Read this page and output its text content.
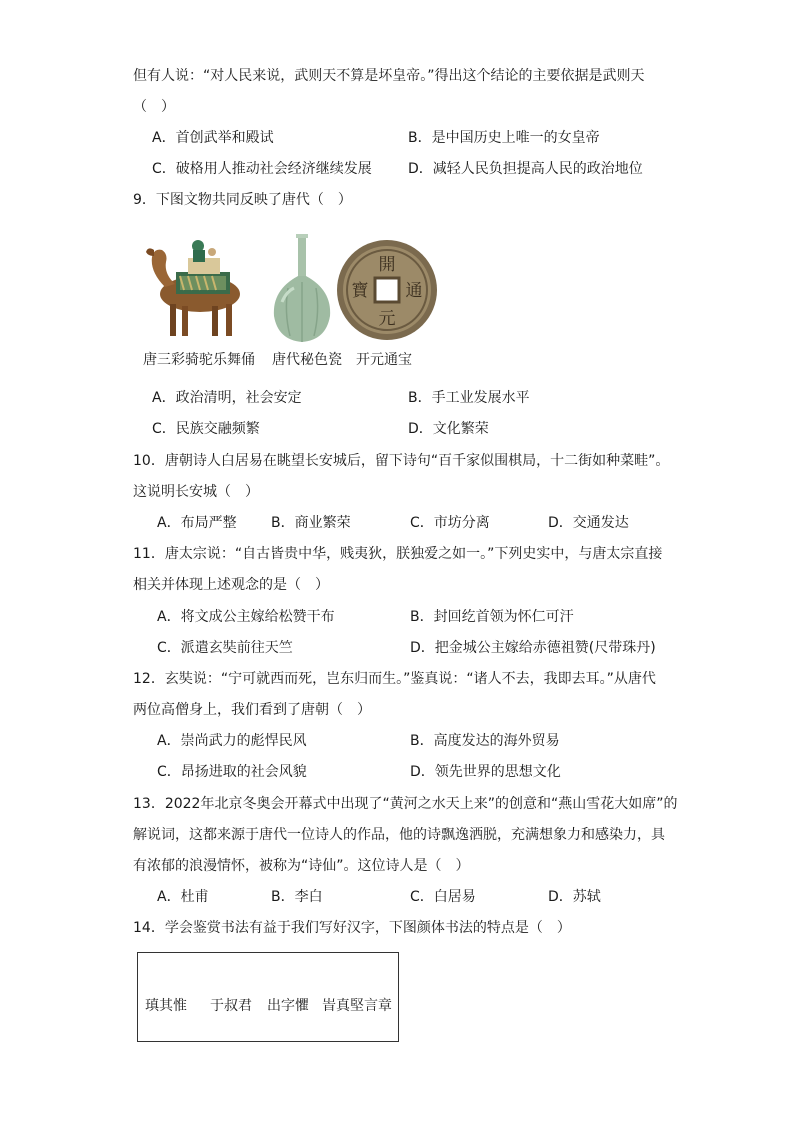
但有人说：“对人民来说，武则天不算是坏皇帝。”得出这个结论的主要依据是武则天
（　）
A．首创武举和殿试	B．是中国历史上唯一的女皇帝
C．破格用人推动社会经济继续发展	D．减轻人民负担提高人民的政治地位
9．下图文物共同反映了唐代（　）
開
通
元
寶
唐三彩骑驼乐舞俑 唐代秘色瓷 开元通宝
A．政治清明，社会安定	B．手工业发展水平
C．民族交融频繁	D．文化繁荣
10．唐朝诗人白居易在眺望长安城后，留下诗句“百千家似围棋局，十二街如种菜畦”。
这说明长安城（　）
A．布局严整 B．商业繁荣	C．市坊分离	D．交通发达
11．唐太宗说：“自古皆贵中华，贱夷狄，朕独爱之如一。”下列史实中，与唐太宗直接
相关并体现上述观念的是（　）
A．将文成公主嫁给松赞干布	B．封回纥首领为怀仁可汗
C．派遣玄奘前往天竺	D．把金城公主嫁给赤德祖赞(尺带珠丹)
12．玄奘说：“宁可就西而死，岂东归而生。”鉴真说：“诸人不去，我即去耳。”从唐代
两位高僧身上，我们看到了唐朝（　）
A．崇尚武力的彪悍民风	B．高度发达的海外贸易
C．昂扬进取的社会风貌	D．领先世界的思想文化
13．2022年北京冬奥会开幕式中出现了“黄河之水天上来”的创意和“燕山雪花大如席”的
解说词，这都来源于唐代一位诗人的作品，他的诗飘逸洒脱，充满想象力和感染力，具
有浓郁的浪漫情怀，被称为“诗仙”。这位诗人是（　）
A．杜甫	B．李白	C．白居易	D．苏轼
14．学会鉴赏书法有益于我们写好汉字，下图颜体书法的特点是（　）
瑱其惟 于叔君 出字懼 峕真堅言章
